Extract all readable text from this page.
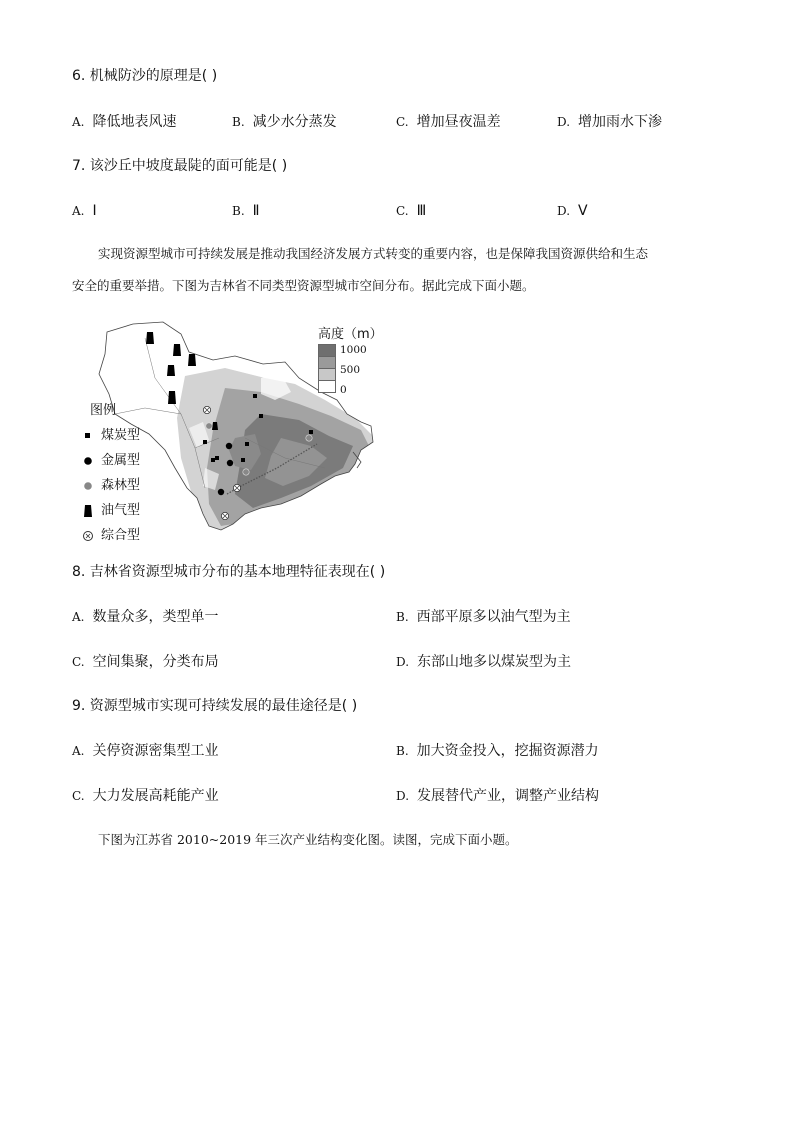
6. 机械防沙的原理是( )
A. 降低地表风速	B. 减少水分蒸发	C. 增加昼夜温差	D. 增加雨水下渗
7. 该沙丘中坡度最陡的面可能是( )
A. Ⅰ	B. Ⅱ	C. Ⅲ	D. Ⅴ
实现资源型城市可持续发展是推动我国经济发展方式转变的重要内容，也是保障我国资源供给和生态
安全的重要举措。下图为吉林省不同类型资源型城市空间分布。据此完成下面小题。
高度（m）
1000
500
0
图例
煤炭型
金属型
森林型
油气型
综合型
8. 吉林省资源型城市分布的基本地理特征表现在( )
A. 数量众多，类型单一	B. 西部平原多以油气型为主
C. 空间集聚，分类布局	D. 东部山地多以煤炭型为主
9. 资源型城市实现可持续发展的最佳途径是( )
A. 关停资源密集型工业	B. 加大资金投入，挖掘资源潜力
C. 大力发展高耗能产业	D. 发展替代产业，调整产业结构
下图为江苏省 2010~2019 年三次产业结构变化图。读图，完成下面小题。
